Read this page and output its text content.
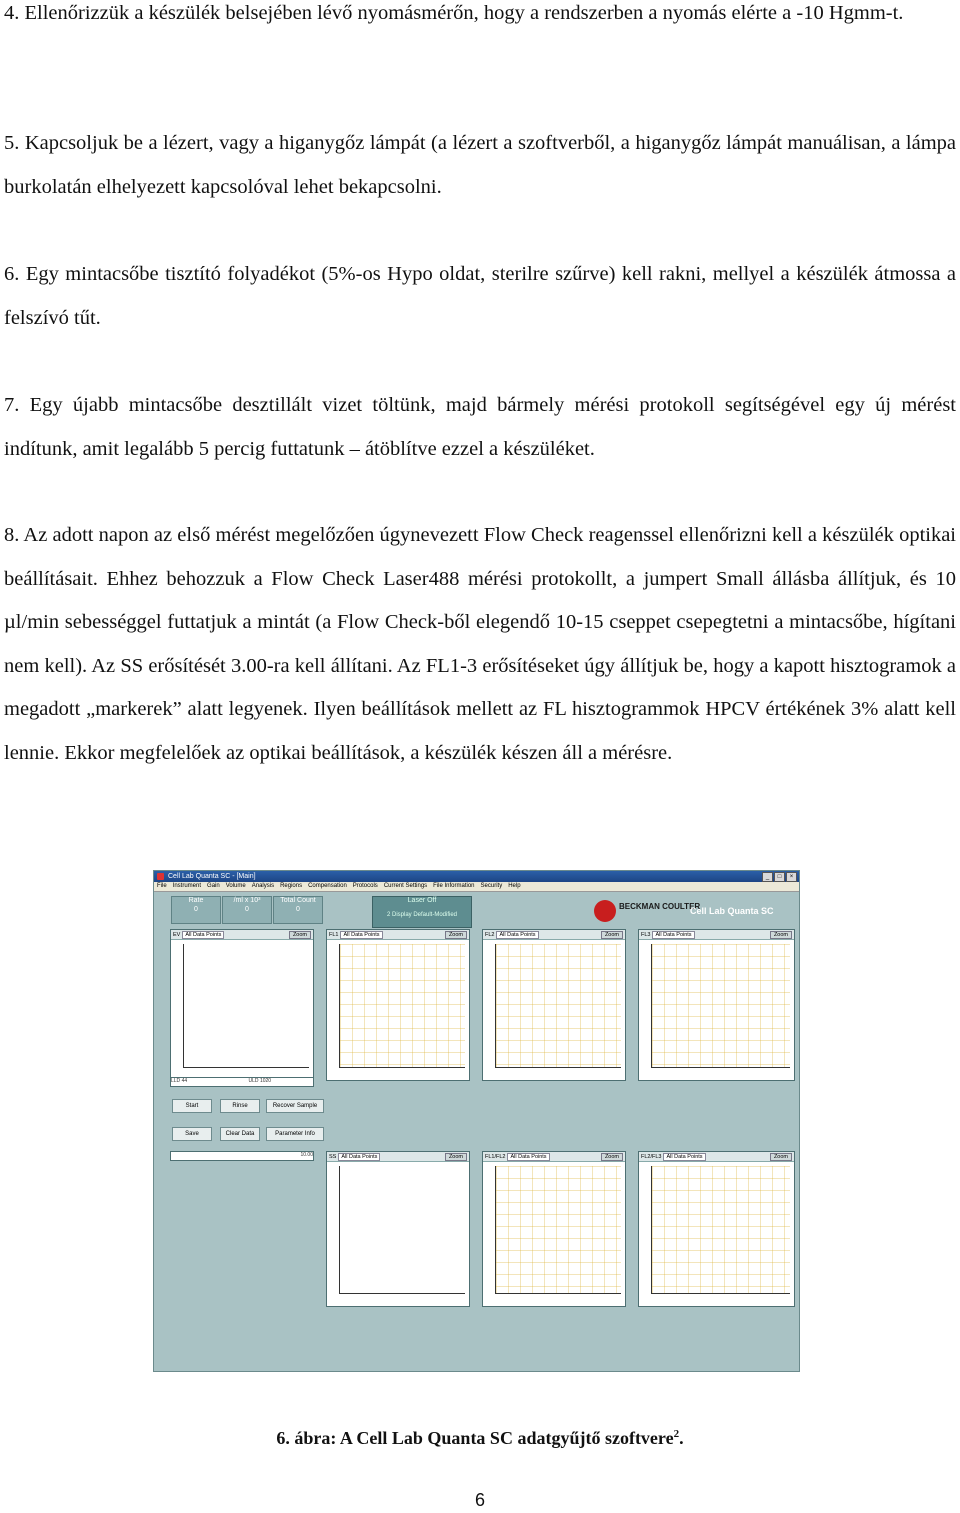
4. Ellenőrizzük a készülék belsejében lévő nyomásmérőn, hogy a rendszerben a nyomás elérte a -10 Hgmm-t.

5. Kapcsoljuk be a lézert, vagy a higanygőz lámpát (a lézert a szoftverből, a higanygőz lámpát manuálisan, a lámpa burkolatán elhelyezett kapcsolóval lehet bekapcsolni.

6. Egy mintacsőbe tisztító folyadékot (5%-os Hypo oldat, sterilre szűrve) kell rakni, mellyel a készülék átmossa a felszívó tűt.

7. Egy újabb mintacsőbe desztillált vizet töltünk, majd bármely mérési protokoll segítségével egy új mérést indítunk, amit legalább 5 percig futtatunk – átöblítve ezzel a készüléket.

8. Az adott napon az első mérést megelőzően úgynevezett Flow Check reagenssel ellenőrizni kell a készülék optikai beállításait. Ehhez behozzuk a Flow Check Laser488 mérési protokollt, a jumpert Small állásba állítjuk, és 10 µl/min sebességgel futtatjuk a mintát (a Flow Check-ből elegendő 10-15 cseppet csepegtetni a mintacsőbe, hígítani nem kell). Az SS erősítését 3.00-ra kell állítani. Az FL1-3 erősítéseket úgy állítjuk be, hogy a kapott hisztogramok a megadott „markerek” alatt legyenek. Ilyen beállítások mellett az FL hisztogrammok HPCV értékének 3% alatt kell lennie. Ekkor megfelelőek az optikai beállítások, a készülék készen áll a mérésre.

Cell Lab Quanta SC - [Main]	_	□	×
File Instrument Gain Volume Analysis Regions Compensation Protocols Current Settings File Information Security Help
Rate
0
/ml x 10³
0
Total Count
0
Laser Off
2 Display Default-Modified
BECKMAN COULTER
Cell Lab Quanta SC
EV All Data Points	Zoom	FL1 All Data Points	Zoom	FL2 All Data Points	Zoom	FL3 All Data Points	Zoom
LLD 44	ULD 1020
Start	Rinse	Recover Sample
Save	Clear Data	Parameter Info
10.00	SS All Data Points	Zoom	FL1/FL2 All Data Points	Zoom	FL2/FL3 All Data Points	Zoom
6. ábra: A Cell Lab Quanta SC adatgyűjtő szoftvere$^2$.
6
